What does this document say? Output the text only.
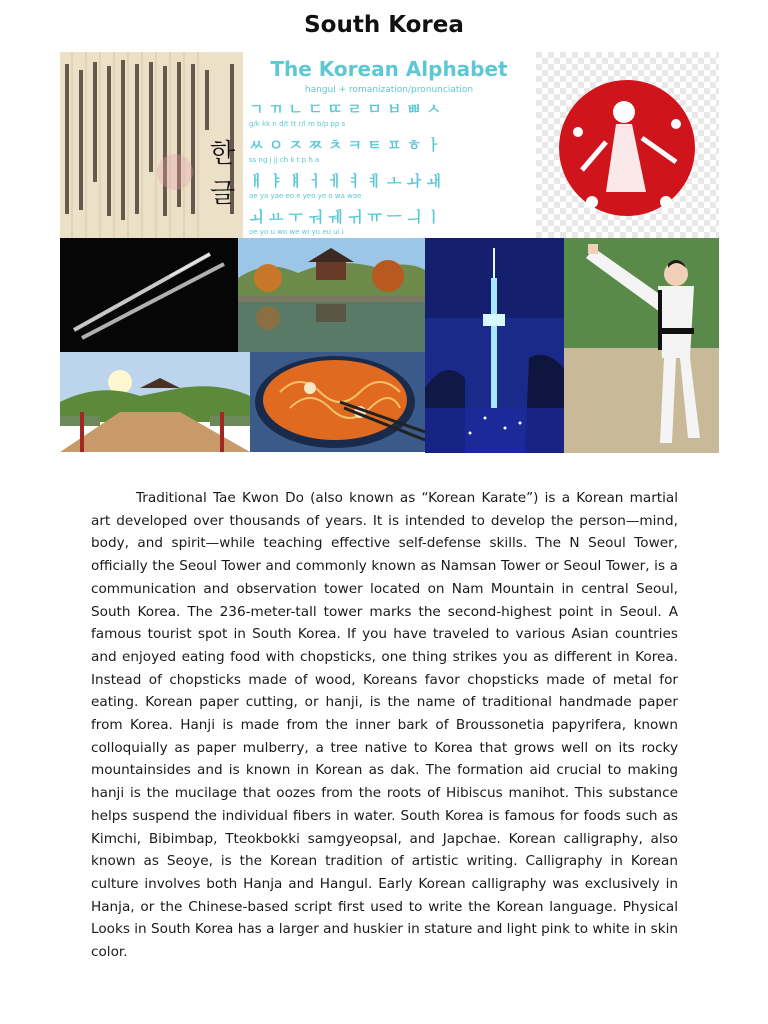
South Korea
한
글
The Korean Alphabet
hangul + romanization/pronunciation
ㄱ ㄲ ㄴ ㄷ ㄸ ㄹ ㅁ ㅂ ㅃ ㅅ
ㅆ ㅇ ㅈ ㅉ ㅊ ㅋ ㅌ ㅍ ㅎ ㅏ
ㅐ ㅑ ㅒ ㅓ ㅔ ㅕ ㅖ ㅗ ㅘ ㅙ
ㅚ ㅛ ㅜ ㅝ ㅞ ㅟ ㅠ ㅡ ㅢ ㅣ
g/k kk n d/t tt r/l m b/p pp s
ss ng j jj ch k t p h a
ae ya yae eo e yeo ye o wa wae
oe yo u wo we wi yu eu ui i

Traditional Tae Kwon Do (also known as “Korean Karate”) is a Korean martial art developed over thousands of years. It is intended to develop the person—mind, body, and spirit—while teaching effective self-defense skills. The N Seoul Tower, officially the Seoul Tower and commonly known as Namsan Tower or Seoul Tower, is a communication and observation tower located on Nam Mountain in central Seoul, South Korea. The 236-meter-tall tower marks the second-highest point in Seoul. A famous tourist spot in South Korea. If you have traveled to various Asian countries and enjoyed eating food with chopsticks, one thing strikes you as different in Korea. Instead of chopsticks made of wood, Koreans favor chopsticks made of metal for eating. Korean paper cutting, or hanji, is the name of traditional handmade paper from Korea. Hanji is made from the inner bark of Broussonetia papyrifera, known colloquially as paper mulberry, a tree native to Korea that grows well on its rocky mountainsides and is known in Korean as dak. The formation aid crucial to making hanji is the mucilage that oozes from the roots of Hibiscus manihot. This substance helps suspend the individual fibers in water. South Korea is famous for foods such as Kimchi, Bibimbap, Tteokbokki samgyeopsal, and Japchae. Korean calligraphy, also known as Seoye, is the Korean tradition of artistic writing. Calligraphy in Korean culture involves both Hanja and Hangul. Early Korean calligraphy was exclusively in Hanja, or the Chinese-based script first used to write the Korean language. Physical Looks in South Korea has a larger and huskier in stature and light pink to white in skin color.
